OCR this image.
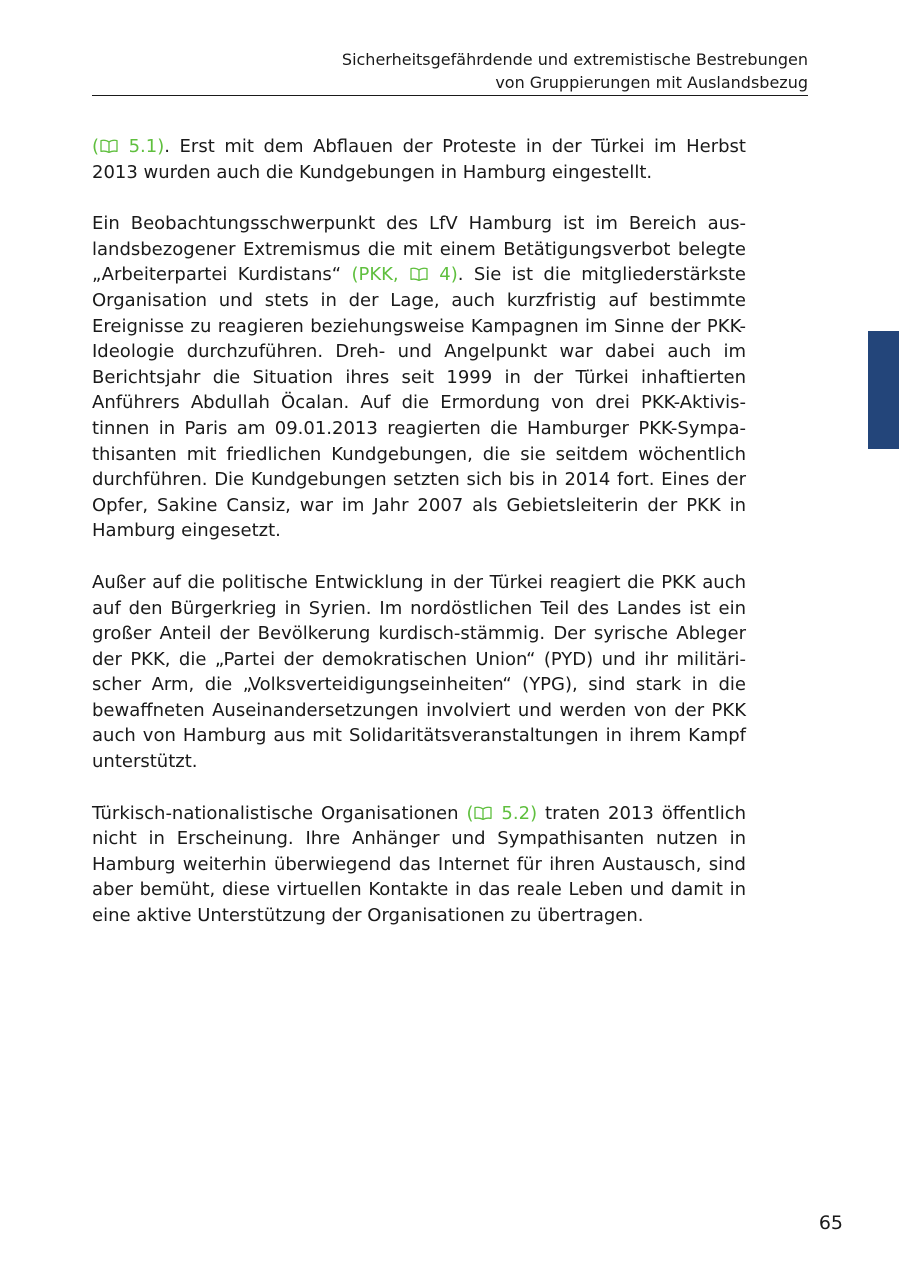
Sicherheitsgefährdende und extremistische Bestrebungen
von Gruppierungen mit Auslandsbezug

( 5.1). Erst mit dem Abflauen der Proteste in der Türkei im Herbst 2013 wurden auch die Kundgebungen in Hamburg eingestellt.

Ein Beobachtungsschwerpunkt des LfV Hamburg ist im Bereich auslandsbezogener Extremismus die mit einem Betätigungsverbot belegte „Arbeiterpartei Kurdistans“ (PKK,  4). Sie ist die mitgliederstärkste Organisation und stets in der Lage, auch kurzfristig auf bestimmte Ereignisse zu reagieren beziehungsweise Kampagnen im Sinne der PKK-Ideologie durchzuführen. Dreh- und Angelpunkt war dabei auch im Berichtsjahr die Situation ihres seit 1999 in der Türkei inhaftierten Anführers Abdullah Öcalan. Auf die Ermordung von drei PKK-Aktivistinnen in Paris am 09.01.2013 reagierten die Hamburger PKK-Sympathisanten mit friedlichen Kundgebungen, die sie seitdem wöchentlich durchführen. Die Kundgebungen setzten sich bis in 2014 fort. Eines der Opfer, Sakine Cansiz, war im Jahr 2007 als Gebietsleiterin der PKK in Hamburg eingesetzt.

Außer auf die politische Entwicklung in der Türkei reagiert die PKK auch auf den Bürgerkrieg in Syrien. Im nordöstlichen Teil des Landes ist ein großer Anteil der Bevölkerung kurdisch-stämmig. Der syrische Ableger der PKK, die „Partei der demokratischen Union“ (PYD) und ihr militärischer Arm, die „Volksverteidigungseinheiten“ (YPG), sind stark in die bewaffneten Auseinandersetzungen involviert und werden von der PKK auch von Hamburg aus mit Solidaritätsveranstaltungen in ihrem Kampf unterstützt.

Türkisch-nationalistische Organisationen ( 5.2) traten 2013 öffentlich nicht in Erscheinung. Ihre Anhänger und Sympathisanten nutzen in Hamburg weiterhin überwiegend das Internet für ihren Austausch, sind aber bemüht, diese virtuellen Kontakte in das reale Leben und damit in eine aktive Unterstützung der Organisationen zu übertragen.

65
